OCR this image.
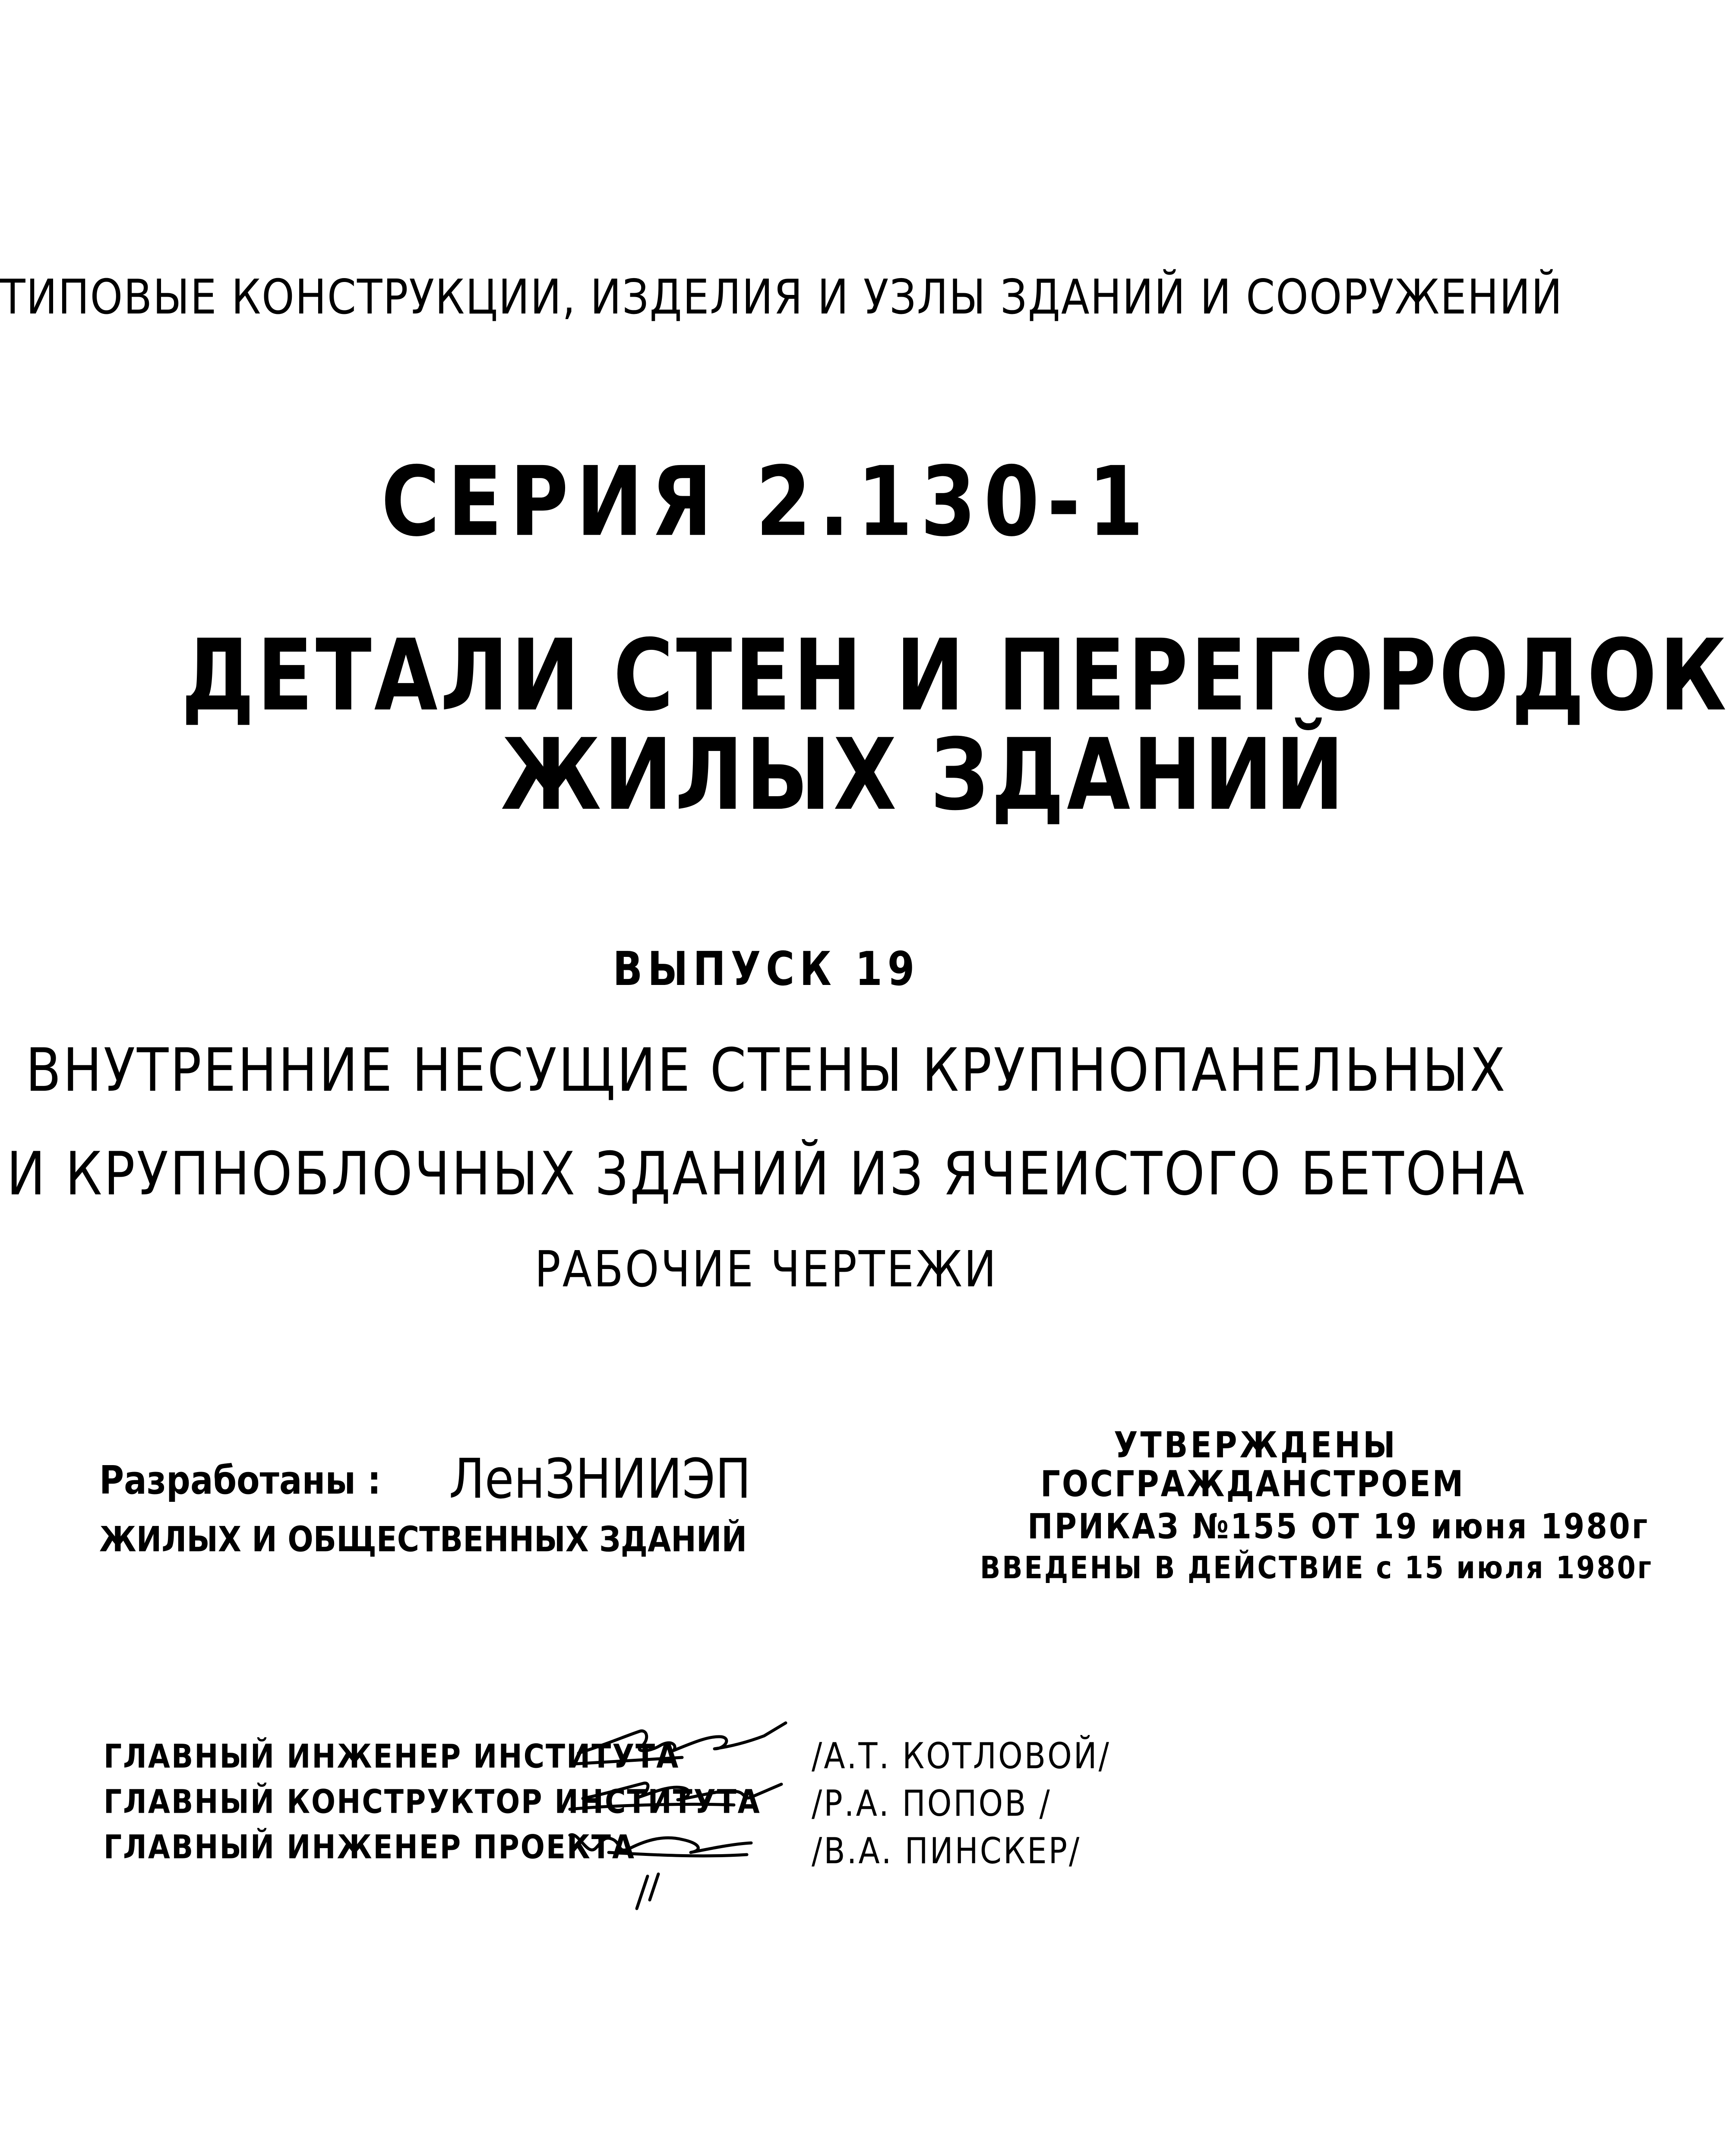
ТИПОВЫЕ КОНСТРУКЦИИ, ИЗДЕЛИЯ И УЗЛЫ ЗДАНИЙ И СООРУЖЕНИЙ
СЕРИЯ 2.130-1
ДЕТАЛИ СТЕН И ПЕРЕГОРОДОК
ЖИЛЫХ ЗДАНИЙ
ВЫПУСК 19
ВНУТРЕННИЕ НЕСУЩИЕ СТЕНЫ КРУПНОПАНЕЛЬНЫХ
И КРУПНОБЛОЧНЫХ ЗДАНИЙ ИЗ ЯЧЕИСТОГО БЕТОНА
РАБОЧИЕ ЧЕРТЕЖИ
Разработаны : ЛенЗНИИЭП
ЖИЛЫХ И ОБЩЕСТВЕННЫХ ЗДАНИЙ
УТВЕРЖДЕНЫ
ГОСГРАЖДАНСТРОЕМ
ПРИКАЗ №155 ОТ 19 июня 1980г
ВВЕДЕНЫ В ДЕЙСТВИЕ с 15 июля 1980г
ГЛАВНЫЙ ИНЖЕНЕР ИНСТИТУТА
ГЛАВНЫЙ КОНСТРУКТОР ИНСТИТУТА
ГЛАВНЫЙ ИНЖЕНЕР ПРОЕКТА
/А.Т. КОТЛОВОЙ/
/Р.А. ПОПОВ /
/В.А. ПИНСКЕР/
